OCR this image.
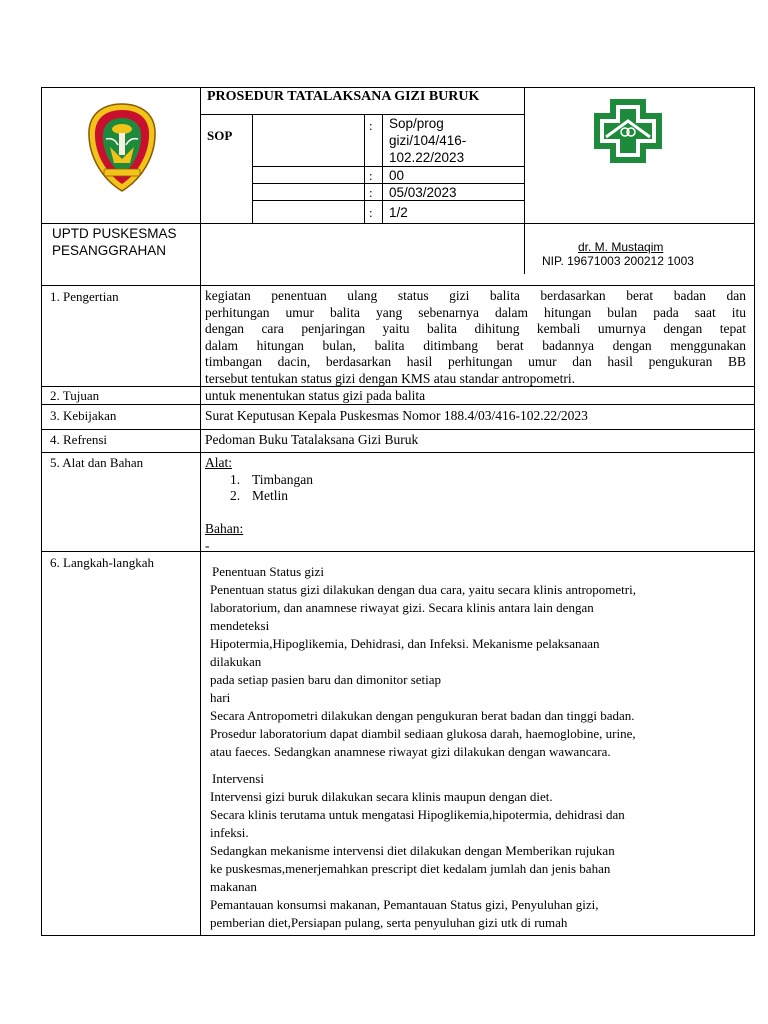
PROSEDUR TATALAKSANA GIZI BURUK
SOP
: Sop/prog
gizi/104/416-
102.22/2023
: 00
: 05/03/2023
: 1/2
UPTD PUSKESMAS
PESANGGRAHAN	dr. M. Mustaqim
NIP. 19671003 200212 1003
1. Pengertian	kegiatan penentuan ulang status gizi balita berdasarkan berat badan dan
perhitungan umur balita yang sebenarnya dalam hitungan bulan pada saat itu
dengan cara penjaringan yaitu balita dihitung kembali umurnya dengan tepat
dalam hitungan bulan, balita ditimbang berat badannya dengan menggunakan
timbangan dacin, berdasarkan hasil perhitungan umur dan hasil pengukuran BB
tersebut tentukan status gizi dengan KMS atau standar antropometri.
2. Tujuan	untuk menentukan status gizi pada balita
3. Kebijakan	Surat Keputusan Kepala Puskesmas Nomor 188.4/03/416-102.22/2023
4. Refrensi	Pedoman Buku Tatalaksana Gizi Buruk
5. Alat dan Bahan	Alat:
1. Timbangan
2. Metlin
Bahan:
-
6. Langkah-langkah
Penentuan Status gizi
Penentuan status gizi dilakukan dengan dua cara, yaitu secara klinis antropometri,
laboratorium, dan anamnese riwayat gizi. Secara klinis antara lain dengan
mendeteksi
Hipotermia,Hipoglikemia, Dehidrasi, dan Infeksi. Mekanisme pelaksanaan
dilakukan
pada setiap pasien baru dan dimonitor setiap
hari
Secara Antropometri dilakukan dengan pengukuran berat badan dan tinggi badan.
Prosedur laboratorium dapat diambil sediaan glukosa darah, haemoglobine, urine,
atau faeces. Sedangkan anamnese riwayat gizi dilakukan dengan wawancara.
Intervensi
Intervensi gizi buruk dilakukan secara klinis maupun dengan diet.
Secara klinis terutama untuk mengatasi Hipoglikemia,hipotermia, dehidrasi dan
infeksi.
Sedangkan mekanisme intervensi diet dilakukan dengan Memberikan rujukan
ke puskesmas,menerjemahkan prescript diet kedalam jumlah dan jenis bahan
makanan
Pemantauan konsumsi makanan, Pemantauan Status gizi, Penyuluhan gizi,
pemberian diet,Persiapan pulang, serta penyuluhan gizi utk di rumah
